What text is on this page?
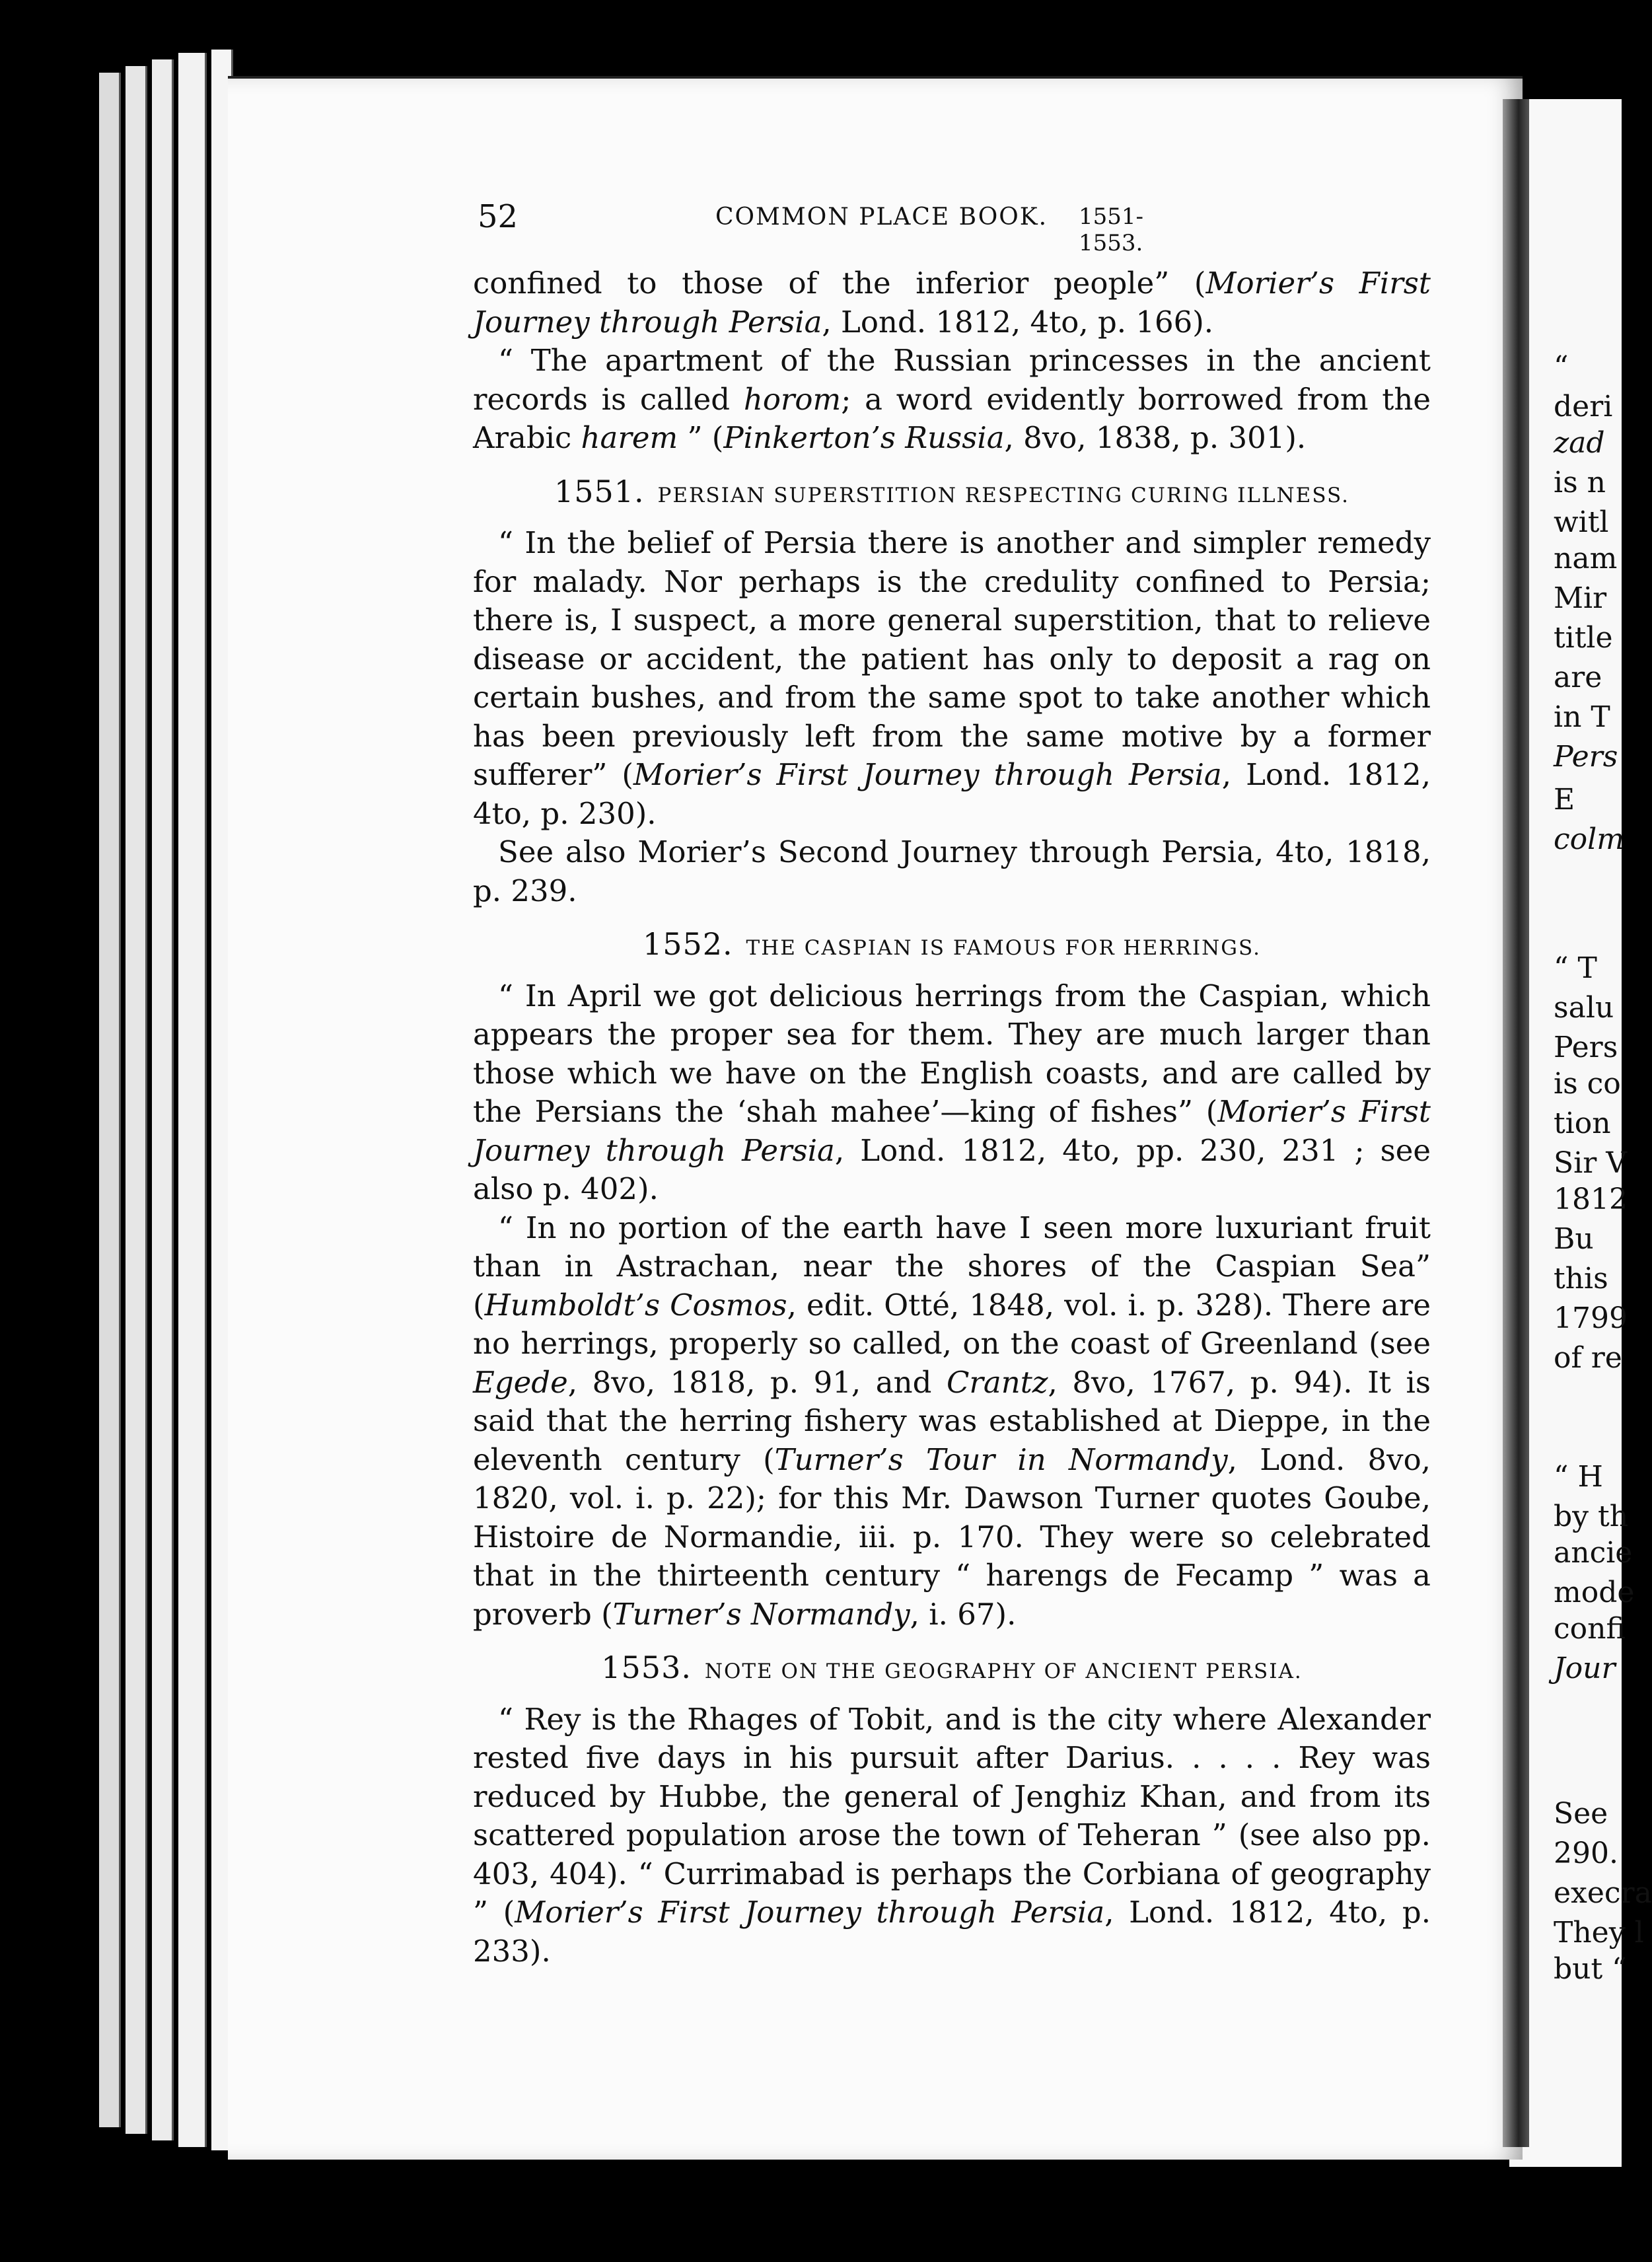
52	COMMON PLACE BOOK. 1551-1553.

confined to those of the inferior people” (Morier’s First Journey through Persia, Lond. 1812, 4to, p. 166).

“ The apartment of the Russian princesses in the ancient records is called horom; a word evidently borrowed from the Arabic harem ” (Pinkerton’s Russia, 8vo, 1838, p. 301).

1551. PERSIAN SUPERSTITION RESPECTING CURING ILLNESS.

“ In the belief of Persia there is another and simpler remedy for malady. Nor perhaps is the credulity confined to Persia; there is, I suspect, a more general superstition, that to relieve disease or accident, the patient has only to deposit a rag on certain bushes, and from the same spot to take another which has been previously left from the same motive by a former sufferer” (Morier’s First Journey through Persia, Lond. 1812, 4to, p. 230).

See also Morier’s Second Journey through Persia, 4to, 1818, p. 239.

1552. THE CASPIAN IS FAMOUS FOR HERRINGS.

“ In April we got delicious herrings from the Caspian, which appears the proper sea for them. They are much larger than those which we have on the English coasts, and are called by the Persians the ‘shah mahee’—king of fishes” (Morier’s First Journey through Persia, Lond. 1812, 4to, pp. 230, 231 ; see also p. 402).

“ In no portion of the earth have I seen more luxuriant fruit than in Astrachan, near the shores of the Caspian Sea” (Humboldt’s Cosmos, edit. Otté, 1848, vol. i. p. 328). There are no herrings, properly so called, on the coast of Greenland (see Egede, 8vo, 1818, p. 91, and Crantz, 8vo, 1767, p. 94). It is said that the herring fishery was established at Dieppe, in the eleventh century (Turner’s Tour in Normandy, Lond. 8vo, 1820, vol. i. p. 22); for this Mr. Dawson Turner quotes Goube, Histoire de Normandie, iii. p. 170. They were so celebrated that in the thirteenth century “ harengs de Fecamp ” was a proverb (Turner’s Normandy, i. 67).

1553. NOTE ON THE GEOGRAPHY OF ANCIENT PERSIA.

“ Rey is the Rhages of Tobit, and is the city where Alexander rested five days in his pursuit after Darius. . . . . Rey was reduced by Hubbe, the general of Jenghiz Khan, and from its scattered population arose the town of Teheran ” (see also pp. 403, 404). “ Currimabad is perhaps the Corbiana of geography ” (Morier’s First Journey through Persia, Lond. 1812, 4to, p. 233).

“
deri
zad
is n
witl
nam
Mir
title
are
in T
Pers
E
colm
“ T
salu
Pers
is co
tion
Sir V
1812
Bu
this
1799
of re
“ H
by th
ancie
mode
confi
Jour
See
290.
execra
They l
but “
